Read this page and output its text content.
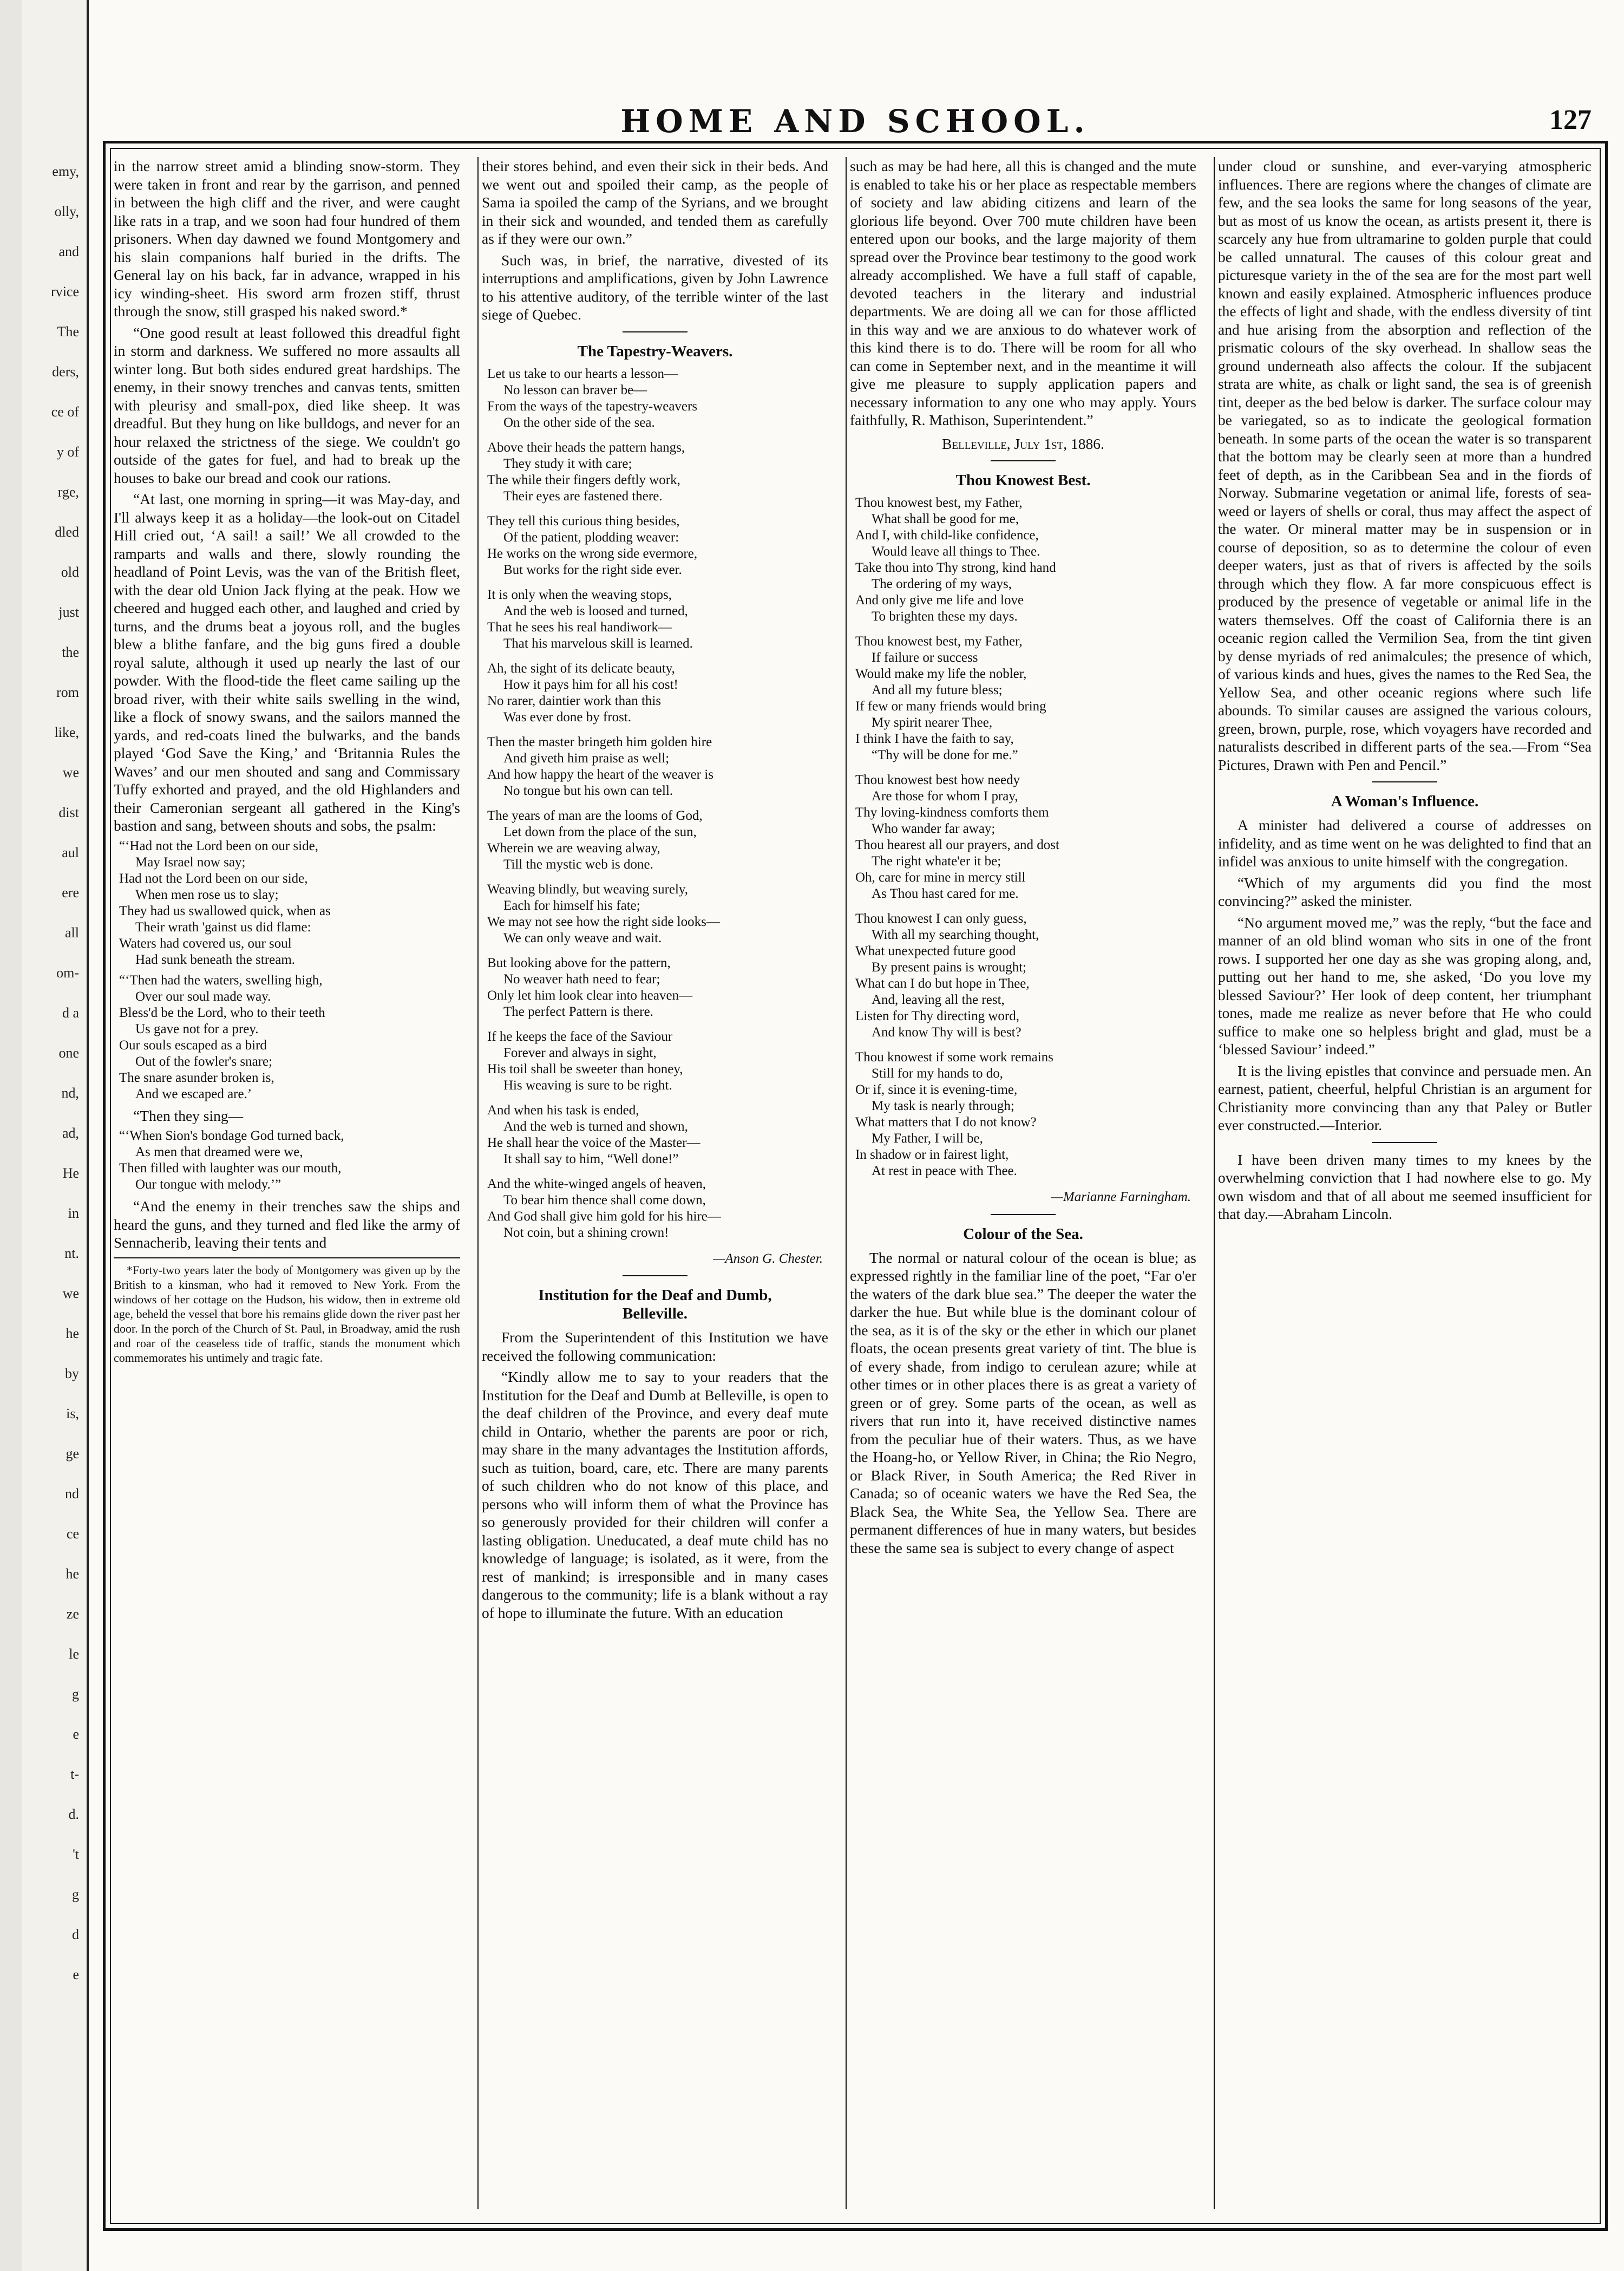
emy,
olly,
and
rvice
The
ders,
ce of
y of
rge,
dled
old
just
the
rom
like,
we
dist
aul
ere
all
om-
d a
one
nd,
ad,
He
in
nt.
we
he
by
is,
ge
nd
ce
he
ze
le
g
e
t-
d.
't
g
d
e
HOME AND SCHOOL.	127

in the narrow street amid a blinding snow-storm. They were taken in front and rear by the garrison, and penned in between the high cliff and the river, and were caught like rats in a trap, and we soon had four hundred of them prisoners. When day dawned we found Montgomery and his slain companions half buried in the drifts. The General lay on his back, far in advance, wrapped in his icy winding-sheet. His sword arm frozen stiff, thrust through the snow, still grasped his naked sword.*

“One good result at least followed this dreadful fight in storm and darkness. We suffered no more assaults all winter long. But both sides endured great hardships. The enemy, in their snowy trenches and canvas tents, smitten with pleurisy and small-pox, died like sheep. It was dreadful. But they hung on like bulldogs, and never for an hour relaxed the strictness of the siege. We couldn't go outside of the gates for fuel, and had to break up the houses to bake our bread and cook our rations.

“At last, one morning in spring—it was May-day, and I'll always keep it as a holiday—the look-out on Citadel Hill cried out, ‘A sail! a sail!’ We all crowded to the ramparts and walls and there, slowly rounding the headland of Point Levis, was the van of the British fleet, with the dear old Union Jack flying at the peak. How we cheered and hugged each other, and laughed and cried by turns, and the drums beat a joyous roll, and the bugles blew a blithe fanfare, and the big guns fired a double royal salute, although it used up nearly the last of our powder. With the flood-tide the fleet came sailing up the broad river, with their white sails swelling in the wind, like a flock of snowy swans, and the sailors manned the yards, and red-coats lined the bulwarks, and the bands played ‘God Save the King,’ and ‘Britannia Rules the Waves’ and our men shouted and sang and Commissary Tuffy exhorted and prayed, and the old Highlanders and their Cameronian sergeant all gathered in the King's bastion and sang, between shouts and sobs, the psalm:

“‘Had not the Lord been on our side,
May Israel now say;
Had not the Lord been on our side,
When men rose us to slay;
They had us swallowed quick, when as
Their wrath 'gainst us did flame:
Waters had covered us, our soul
Had sunk beneath the stream.
“‘Then had the waters, swelling high,
Over our soul made way.
Bless'd be the Lord, who to their teeth
Us gave not for a prey.
Our souls escaped as a bird
Out of the fowler's snare;
The snare asunder broken is,
And we escaped are.’

“Then they sing—

“‘When Sion's bondage God turned back,
As men that dreamed were we,
Then filled with laughter was our mouth,
Our tongue with melody.’”

“And the enemy in their trenches saw the ships and heard the guns, and they turned and fled like the army of Sennacherib, leaving their tents and

*Forty-two years later the body of Montgomery was given up by the British to a kinsman, who had it removed to New York. From the windows of her cottage on the Hudson, his widow, then in extreme old age, beheld the vessel that bore his remains glide down the river past her door. In the porch of the Church of St. Paul, in Broadway, amid the rush and roar of the ceaseless tide of traffic, stands the monument which commemorates his untimely and tragic fate.

their stores behind, and even their sick in their beds. And we went out and spoiled their camp, as the people of Sama ia spoiled the camp of the Syrians, and we brought in their sick and wounded, and tended them as carefully as if they were our own.”

Such was, in brief, the narrative, divested of its interruptions and amplifications, given by John Lawrence to his attentive auditory, of the terrible winter of the last siege of Quebec.

The Tapestry-Weavers.
Let us take to our hearts a lesson—
No lesson can braver be—
From the ways of the tapestry-weavers
On the other side of the sea.
Above their heads the pattern hangs,
They study it with care;
The while their fingers deftly work,
Their eyes are fastened there.
They tell this curious thing besides,
Of the patient, plodding weaver:
He works on the wrong side evermore,
But works for the right side ever.
It is only when the weaving stops,
And the web is loosed and turned,
That he sees his real handiwork—
That his marvelous skill is learned.
Ah, the sight of its delicate beauty,
How it pays him for all his cost!
No rarer, daintier work than this
Was ever done by frost.
Then the master bringeth him golden hire
And giveth him praise as well;
And how happy the heart of the weaver is
No tongue but his own can tell.
The years of man are the looms of God,
Let down from the place of the sun,
Wherein we are weaving alway,
Till the mystic web is done.
Weaving blindly, but weaving surely,
Each for himself his fate;
We may not see how the right side looks—
We can only weave and wait.
But looking above for the pattern,
No weaver hath need to fear;
Only let him look clear into heaven—
The perfect Pattern is there.
If he keeps the face of the Saviour
Forever and always in sight,
His toil shall be sweeter than honey,
His weaving is sure to be right.
And when his task is ended,
And the web is turned and shown,
He shall hear the voice of the Master—
It shall say to him, “Well done!”
And the white-winged angels of heaven,
To bear him thence shall come down,
And God shall give him gold for his hire—
Not coin, but a shining crown!
—Anson G. Chester.
Institution for the Deaf and Dumb,
Belleville.

From the Superintendent of this Institution we have received the following communication:

“Kindly allow me to say to your readers that the Institution for the Deaf and Dumb at Belleville, is open to the deaf children of the Province, and every deaf mute child in Ontario, whether the parents are poor or rich, may share in the many advantages the Institution affords, such as tuition, board, care, etc. There are many parents of such children who do not know of this place, and persons who will inform them of what the Province has so generously provided for their children will confer a lasting obligation. Uneducated, a deaf mute child has no knowledge of language; is isolated, as it were, from the rest of mankind; is irresponsible and in many cases dangerous to the community; life is a blank without a ray of hope to illuminate the future. With an education

such as may be had here, all this is changed and the mute is enabled to take his or her place as respectable members of society and law abiding citizens and learn of the glorious life beyond. Over 700 mute children have been entered upon our books, and the large majority of them spread over the Province bear testimony to the good work already accomplished. We have a full staff of capable, devoted teachers in the literary and industrial departments. We are doing all we can for those afflicted in this way and we are anxious to do whatever work of this kind there is to do. There will be room for all who can come in September next, and in the meantime it will give me pleasure to supply application papers and necessary information to any one who may apply. Yours faithfully, R. Mathison, Superintendent.”

Belleville, July 1st, 1886.
Thou Knowest Best.
Thou knowest best, my Father,
What shall be good for me,
And I, with child-like confidence,
Would leave all things to Thee.
Take thou into Thy strong, kind hand
The ordering of my ways,
And only give me life and love
To brighten these my days.
Thou knowest best, my Father,
If failure or success
Would make my life the nobler,
And all my future bless;
If few or many friends would bring
My spirit nearer Thee,
I think I have the faith to say,
“Thy will be done for me.”
Thou knowest best how needy
Are those for whom I pray,
Thy loving-kindness comforts them
Who wander far away;
Thou hearest all our prayers, and dost
The right whate'er it be;
Oh, care for mine in mercy still
As Thou hast cared for me.
Thou knowest I can only guess,
With all my searching thought,
What unexpected future good
By present pains is wrought;
What can I do but hope in Thee,
And, leaving all the rest,
Listen for Thy directing word,
And know Thy will is best?
Thou knowest if some work remains
Still for my hands to do,
Or if, since it is evening-time,
My task is nearly through;
What matters that I do not know?
My Father, I will be,
In shadow or in fairest light,
At rest in peace with Thee.
—Marianne Farningham.
Colour of the Sea.

The normal or natural colour of the ocean is blue; as expressed rightly in the familiar line of the poet, “Far o'er the waters of the dark blue sea.” The deeper the water the darker the hue. But while blue is the dominant colour of the sea, as it is of the sky or the ether in which our planet floats, the ocean presents great variety of tint. The blue is of every shade, from indigo to cerulean azure; while at other times or in other places there is as great a variety of green or of grey. Some parts of the ocean, as well as rivers that run into it, have received distinctive names from the peculiar hue of their waters. Thus, as we have the Hoang-ho, or Yellow River, in China; the Rio Negro, or Black River, in South America; the Red River in Canada; so of oceanic waters we have the Red Sea, the Black Sea, the White Sea, the Yellow Sea. There are permanent differences of hue in many waters, but besides these the same sea is subject to every change of aspect

under cloud or sunshine, and ever-varying atmospheric influences. There are regions where the changes of climate are few, and the sea looks the same for long seasons of the year, but as most of us know the ocean, as artists present it, there is scarcely any hue from ultramarine to golden purple that could be called unnatural. The causes of this colour great and picturesque variety in the of the sea are for the most part well known and easily explained. Atmospheric influences produce the effects of light and shade, with the endless diversity of tint and hue arising from the absorption and reflection of the prismatic colours of the sky overhead. In shallow seas the ground underneath also affects the colour. If the subjacent strata are white, as chalk or light sand, the sea is of greenish tint, deeper as the bed below is darker. The surface colour may be variegated, so as to indicate the geological formation beneath. In some parts of the ocean the water is so transparent that the bottom may be clearly seen at more than a hundred feet of depth, as in the Caribbean Sea and in the fiords of Norway. Submarine vegetation or animal life, forests of sea-weed or layers of shells or coral, thus may affect the aspect of the water. Or mineral matter may be in suspension or in course of deposition, so as to determine the colour of even deeper waters, just as that of rivers is affected by the soils through which they flow. A far more conspicuous effect is produced by the presence of vegetable or animal life in the waters themselves. Off the coast of California there is an oceanic region called the Vermilion Sea, from the tint given by dense myriads of red animalcules; the presence of which, of various kinds and hues, gives the names to the Red Sea, the Yellow Sea, and other oceanic regions where such life abounds. To similar causes are assigned the various colours, green, brown, purple, rose, which voyagers have recorded and naturalists described in different parts of the sea.—From “Sea Pictures, Drawn with Pen and Pencil.”

A Woman's Influence.

A minister had delivered a course of addresses on infidelity, and as time went on he was delighted to find that an infidel was anxious to unite himself with the congregation.

“Which of my arguments did you find the most convincing?” asked the minister.

“No argument moved me,” was the reply, “but the face and manner of an old blind woman who sits in one of the front rows. I supported her one day as she was groping along, and, putting out her hand to me, she asked, ‘Do you love my blessed Saviour?’ Her look of deep content, her triumphant tones, made me realize as never before that He who could suffice to make one so helpless bright and glad, must be a ‘blessed Saviour’ indeed.”

It is the living epistles that convince and persuade men. An earnest, patient, cheerful, helpful Christian is an argument for Christianity more convincing than any that Paley or Butler ever constructed.—Interior.

I have been driven many times to my knees by the overwhelming conviction that I had nowhere else to go. My own wisdom and that of all about me seemed insufficient for that day.—Abraham Lincoln.
